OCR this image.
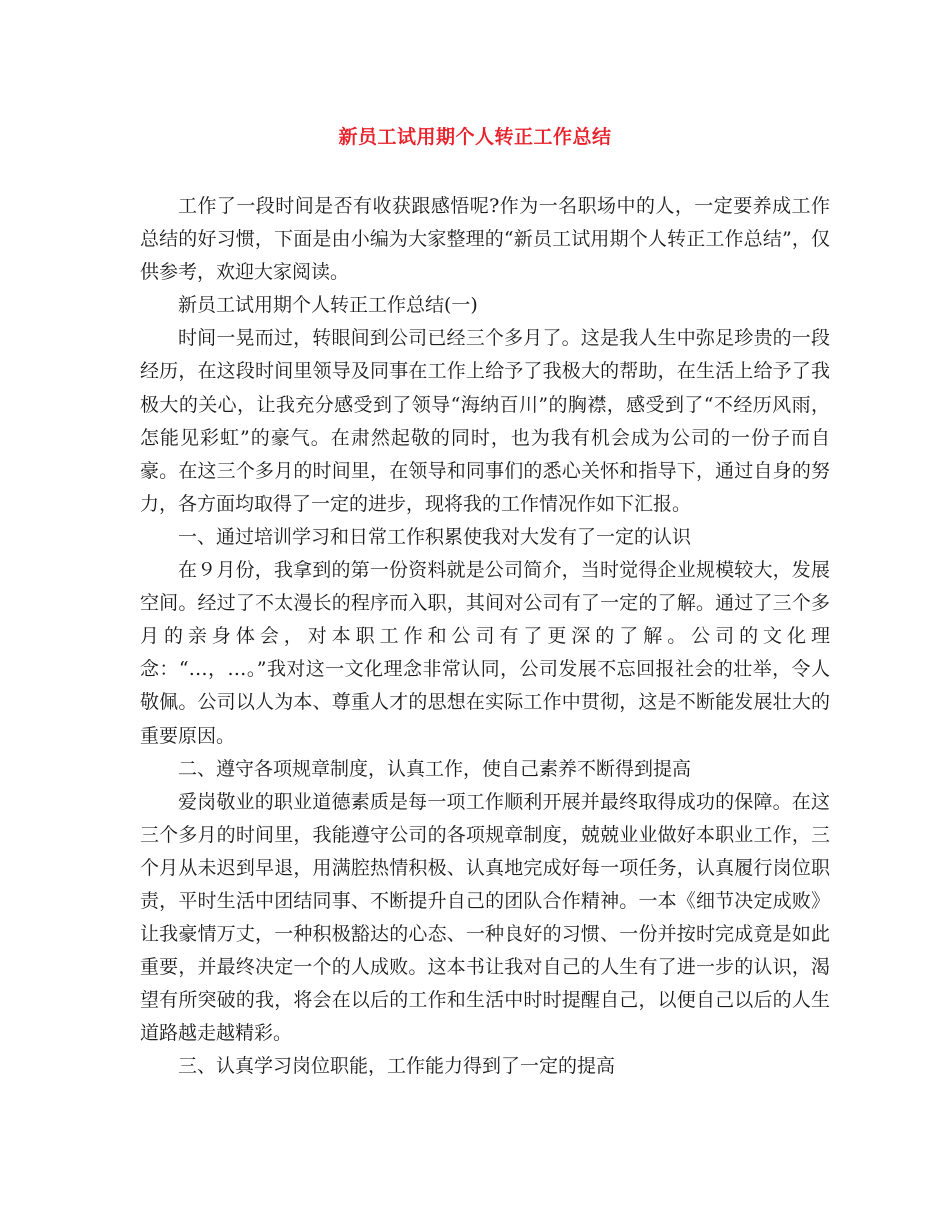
新员工试用期个人转正工作总结

工作了一段时间是否有收获跟感悟呢?作为一名职场中的人，一定要养成工作总结的好习惯，下面是由小编为大家整理的“新员工试用期个人转正工作总结”，仅供参考，欢迎大家阅读。

新员工试用期个人转正工作总结(一)

时间一晃而过，转眼间到公司已经三个多月了。这是我人生中弥足珍贵的一段经历，在这段时间里领导及同事在工作上给予了我极大的帮助，在生活上给予了我极大的关心，让我充分感受到了领导“海纳百川”的胸襟，感受到了“不经历风雨，怎能见彩虹”的豪气。在肃然起敬的同时，也为我有机会成为公司的一份子而自豪。在这三个多月的时间里，在领导和同事们的悉心关怀和指导下，通过自身的努力，各方面均取得了一定的进步，现将我的工作情况作如下汇报。

一、通过培训学习和日常工作积累使我对大发有了一定的认识

在９月份，我拿到的第一份资料就是公司简介，当时觉得企业规模较大，发展空间。经过了不太漫长的程序而入职，其间对公司有了一定的了解。通过了三个多月的亲身体会，对本职工作和公司有了更深的了解。公司的文化理念：“…，…。”我对这一文化理念非常认同，公司发展不忘回报社会的壮举，令人敬佩。公司以人为本、尊重人才的思想在实际工作中贯彻，这是不断能发展壮大的重要原因。

二、遵守各项规章制度，认真工作，使自己素养不断得到提高

爱岗敬业的职业道德素质是每一项工作顺利开展并最终取得成功的保障。在这三个多月的时间里，我能遵守公司的各项规章制度，兢兢业业做好本职业工作，三个月从未迟到早退，用满腔热情积极、认真地完成好每一项任务，认真履行岗位职责，平时生活中团结同事、不断提升自己的团队合作精神。一本《细节决定成败》让我豪情万丈，一种积极豁达的心态、一种良好的习惯、一份并按时完成竟是如此重要，并最终决定一个的人成败。这本书让我对自己的人生有了进一步的认识，渴望有所突破的我，将会在以后的工作和生活中时时提醒自己，以便自己以后的人生道路越走越精彩。

三、认真学习岗位职能，工作能力得到了一定的提高
